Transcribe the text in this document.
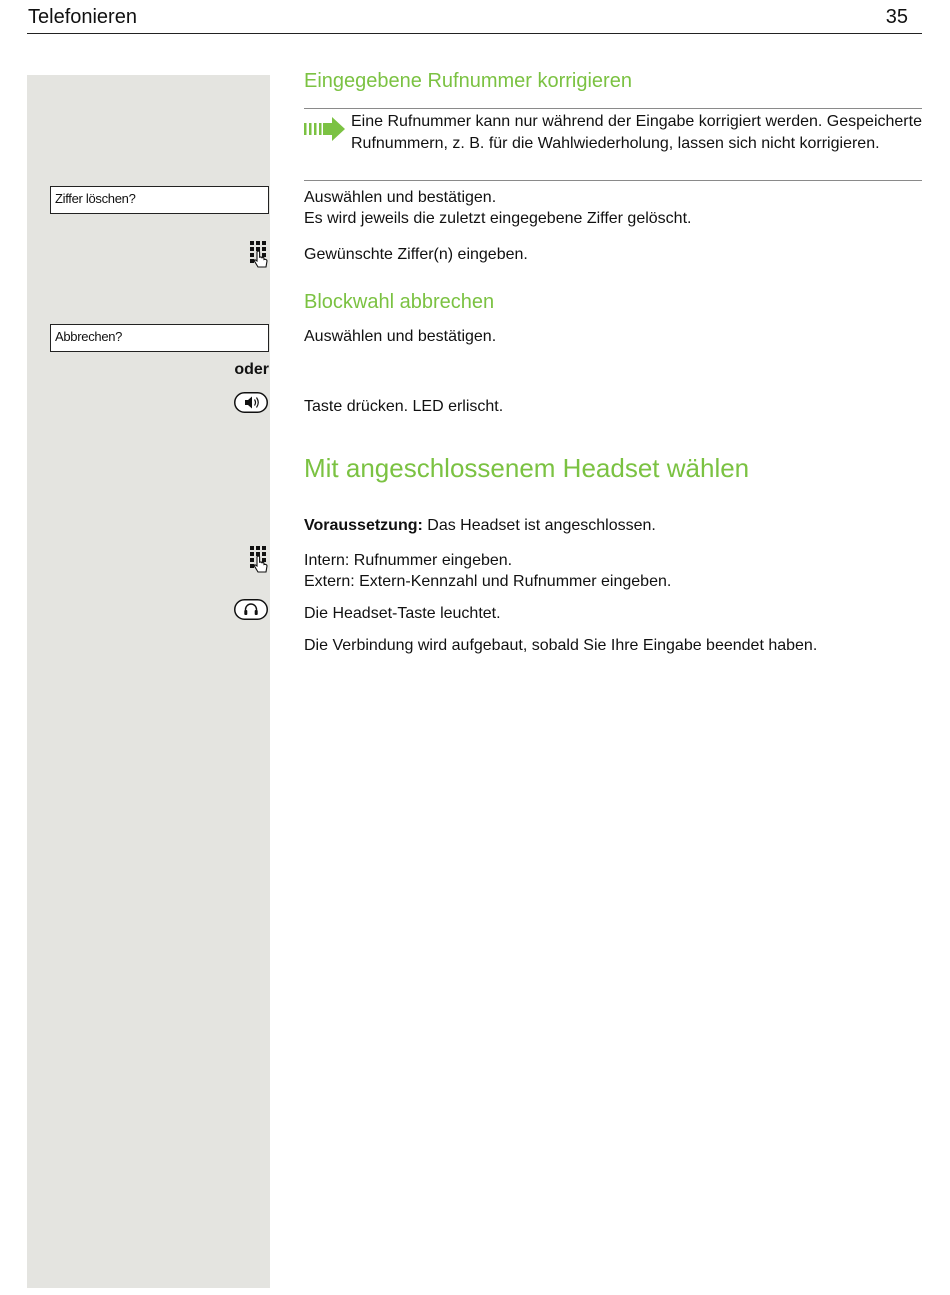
Telefonieren	35
Eingegebene Rufnummer korrigieren
Eine Rufnummer kann nur während der Eingabe korrigiert werden. Gespeicherte Rufnummern, z. B. für die Wahlwiederholung, lassen sich nicht korrigieren.
Ziffer löschen?	Auswählen und bestätigen.
Es wird jeweils die zuletzt eingegebene Ziffer gelöscht.
Gewünschte Ziffer(n) eingeben.
Blockwahl abbrechen
Abbrechen?	Auswählen und bestätigen.
oder
Taste drücken. LED erlischt.
Mit angeschlossenem Headset wählen
Voraussetzung: Das Headset ist angeschlossen.
Intern: Rufnummer eingeben.
Extern: Extern-Kennzahl und Rufnummer eingeben.
Die Headset-Taste leuchtet.
Die Verbindung wird aufgebaut, sobald Sie Ihre Eingabe beendet haben.
